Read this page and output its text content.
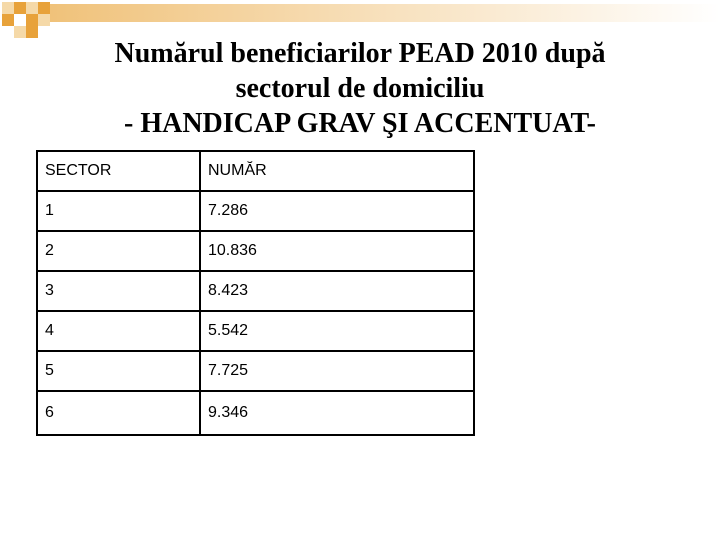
Numărul beneficiarilor PEAD 2010 după
sectorul de domiciliu
- HANDICAP GRAV ŞI ACCENTUAT-
SECTOR	NUMĂR
1	7.286
2	10.836
3	8.423
4	5.542
5	7.725
6	9.346
